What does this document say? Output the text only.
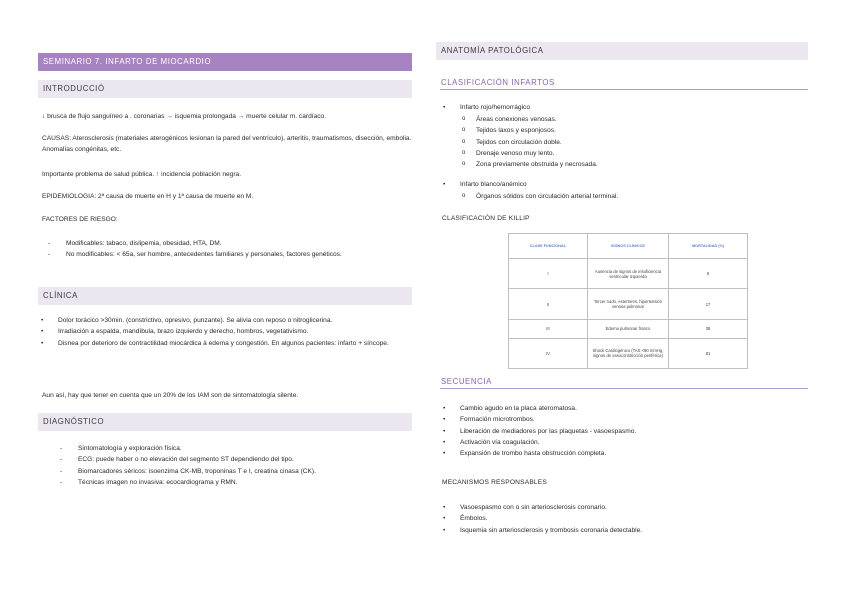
SEMINARIO 7. INFARTO DE MIOCARDIO
INTRODUCCIÓ
↓ brusca de flujo sanguíneo a . coronarias → isquemia prolongada → muerte celular m. cardíaco.
CAUSAS: Aterosclerosis (materiales aterogénicos lesionan la pared del ventrículo), arteritis, traumatismos, disección, embolia. Anomalías congénitas, etc.
Importante problema de salud pública. ↑ incidencia población negra.
EPIDEMIOLOGIA: 2ª causa de muerte en H y 1ª causa de muerte en M.
FACTORES DE RIESGO:
- Modificables: tabaco, dislipemia, obesidad, HTA, DM.
- No modificables: < 65a, ser hombre, antecedentes familiares y personales, factores genéticos.
CLÍNICA
• Dolor torácico >30min. (constrictivo, opresivo, punzante). Se alivia con reposo o nitroglicerina.
• Irradiación a espalda, mandíbula, brazo izquierdo y derecho, hombros, vegetativismo.
• Disnea por deterioro de contractilidad miocárdica à edema y congestión. En algunos pacientes: infarto + síncope.
Aun así, hay que tener en cuenta que un 20% de los IAM son de sintomatología silente.
DIAGNÓSTICO
- Sintomatología y exploración física.
- ECG: puede haber o no elevación del segmento ST dependiendo del tipo.
- Biomarcadores séricos: isoenzima CK-MB, troponinas T e I, creatina cinasa (CK).
- Técnicas imagen no invasiva: ecocardiograma y RMN.
ANATOMÍA PATOLÓGICA
CLASIFICACIÓN INFARTOS
• Infarto rojo/hemorrágico
o Áreas conexiones venosas.
o Tejidos laxos y esponjosos.
o Tejidos con circulación doble.
o Drenaje venoso muy lento.
o Zona previamente obstruida y necrosada.
• Infarto blanco/anémico
o Órganos sólidos con circulación arterial terminal.
CLASIFICACIÓN DE KILLIP
CLASE FUNCIONAL	SIGNOS CLÍNICOS	MORTALIDAD (%)
I	Ausencia de signos de insuficiencia ventricular izquierda	6
II	Tercer ruido, estertores, hipertensión venosa pulmonar	17
III	Edema pulmonar franco	38
IV	Shock Cardiogénico (TAS <90 mmHg, signos de vasoconstricción periférica)	81
SECUENCIA
• Cambio agudo en la placa ateromatosa.
• Formación microtrombos.
• Liberación de mediadores por las plaquetas - vasoespasmo.
• Activación vía coagulación.
• Expansión de trombo hasta obstrucción completa.
MECANISMOS RESPONSABLES
• Vasoespasmo con o sin arteriosclerosis coronario.
• Émbolos.
• Isquemia sin arteriosclerosis y trombosis coronaria detectable.
